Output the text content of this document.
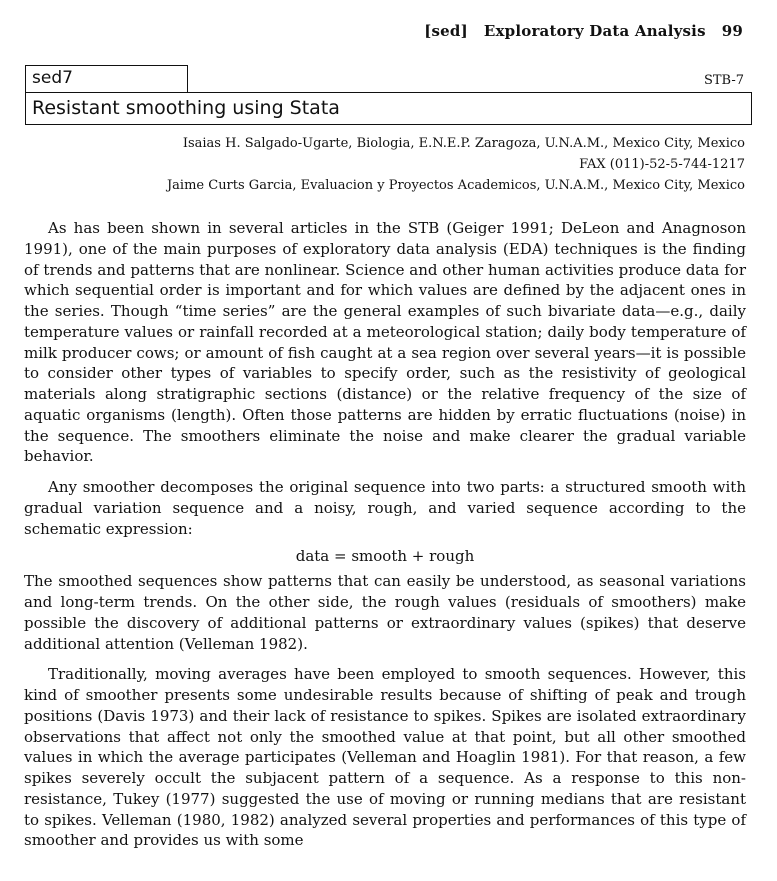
[sed] Exploratory Data Analysis 99
sed7	STB-7
Resistant smoothing using Stata
Isaias H. Salgado-Ugarte, Biologia, E.N.E.P. Zaragoza, U.N.A.M., Mexico City, Mexico
FAX (011)-52-5-744-1217
Jaime Curts Garcia, Evaluacion y Proyectos Academicos, U.N.A.M., Mexico City, Mexico

As has been shown in several articles in the STB (Geiger 1991; DeLeon and Anagnoson 1991), one of the main purposes of exploratory data analysis (EDA) techniques is the finding of trends and patterns that are nonlinear. Science and other human activities produce data for which sequential order is important and for which values are defined by the adjacent ones in the series. Though “time series” are the general examples of such bivariate data—e.g., daily temperature values or rainfall recorded at a meteorological station; daily body temperature of milk producer cows; or amount of fish caught at a sea region over several years—it is possible to consider other types of variables to specify order, such as the resistivity of geological materials along stratigraphic sections (distance) or the relative frequency of the size of aquatic organisms (length). Often those patterns are hidden by erratic fluctuations (noise) in the sequence. The smoothers eliminate the noise and make clearer the gradual variable behavior.

Any smoother decomposes the original sequence into two parts: a structured smooth with gradual variation sequence and a noisy, rough, and varied sequence according to the schematic expression:

data = smooth + rough

The smoothed sequences show patterns that can easily be understood, as seasonal variations and long-term trends. On the other side, the rough values (residuals of smoothers) make possible the discovery of additional patterns or extraordinary values (spikes) that deserve additional attention (Velleman 1982).

Traditionally, moving averages have been employed to smooth sequences. However, this kind of smoother presents some undesirable results because of shifting of peak and trough positions (Davis 1973) and their lack of resistance to spikes. Spikes are isolated extraordinary observations that affect not only the smoothed value at that point, but all other smoothed values in which the average participates (Velleman and Hoaglin 1981). For that reason, a few spikes severely occult the subjacent pattern of a sequence. As a response to this non-resistance, Tukey (1977) suggested the use of moving or running medians that are resistant to spikes. Velleman (1980, 1982) analyzed several properties and performances of this type of smoother and provides us with some
